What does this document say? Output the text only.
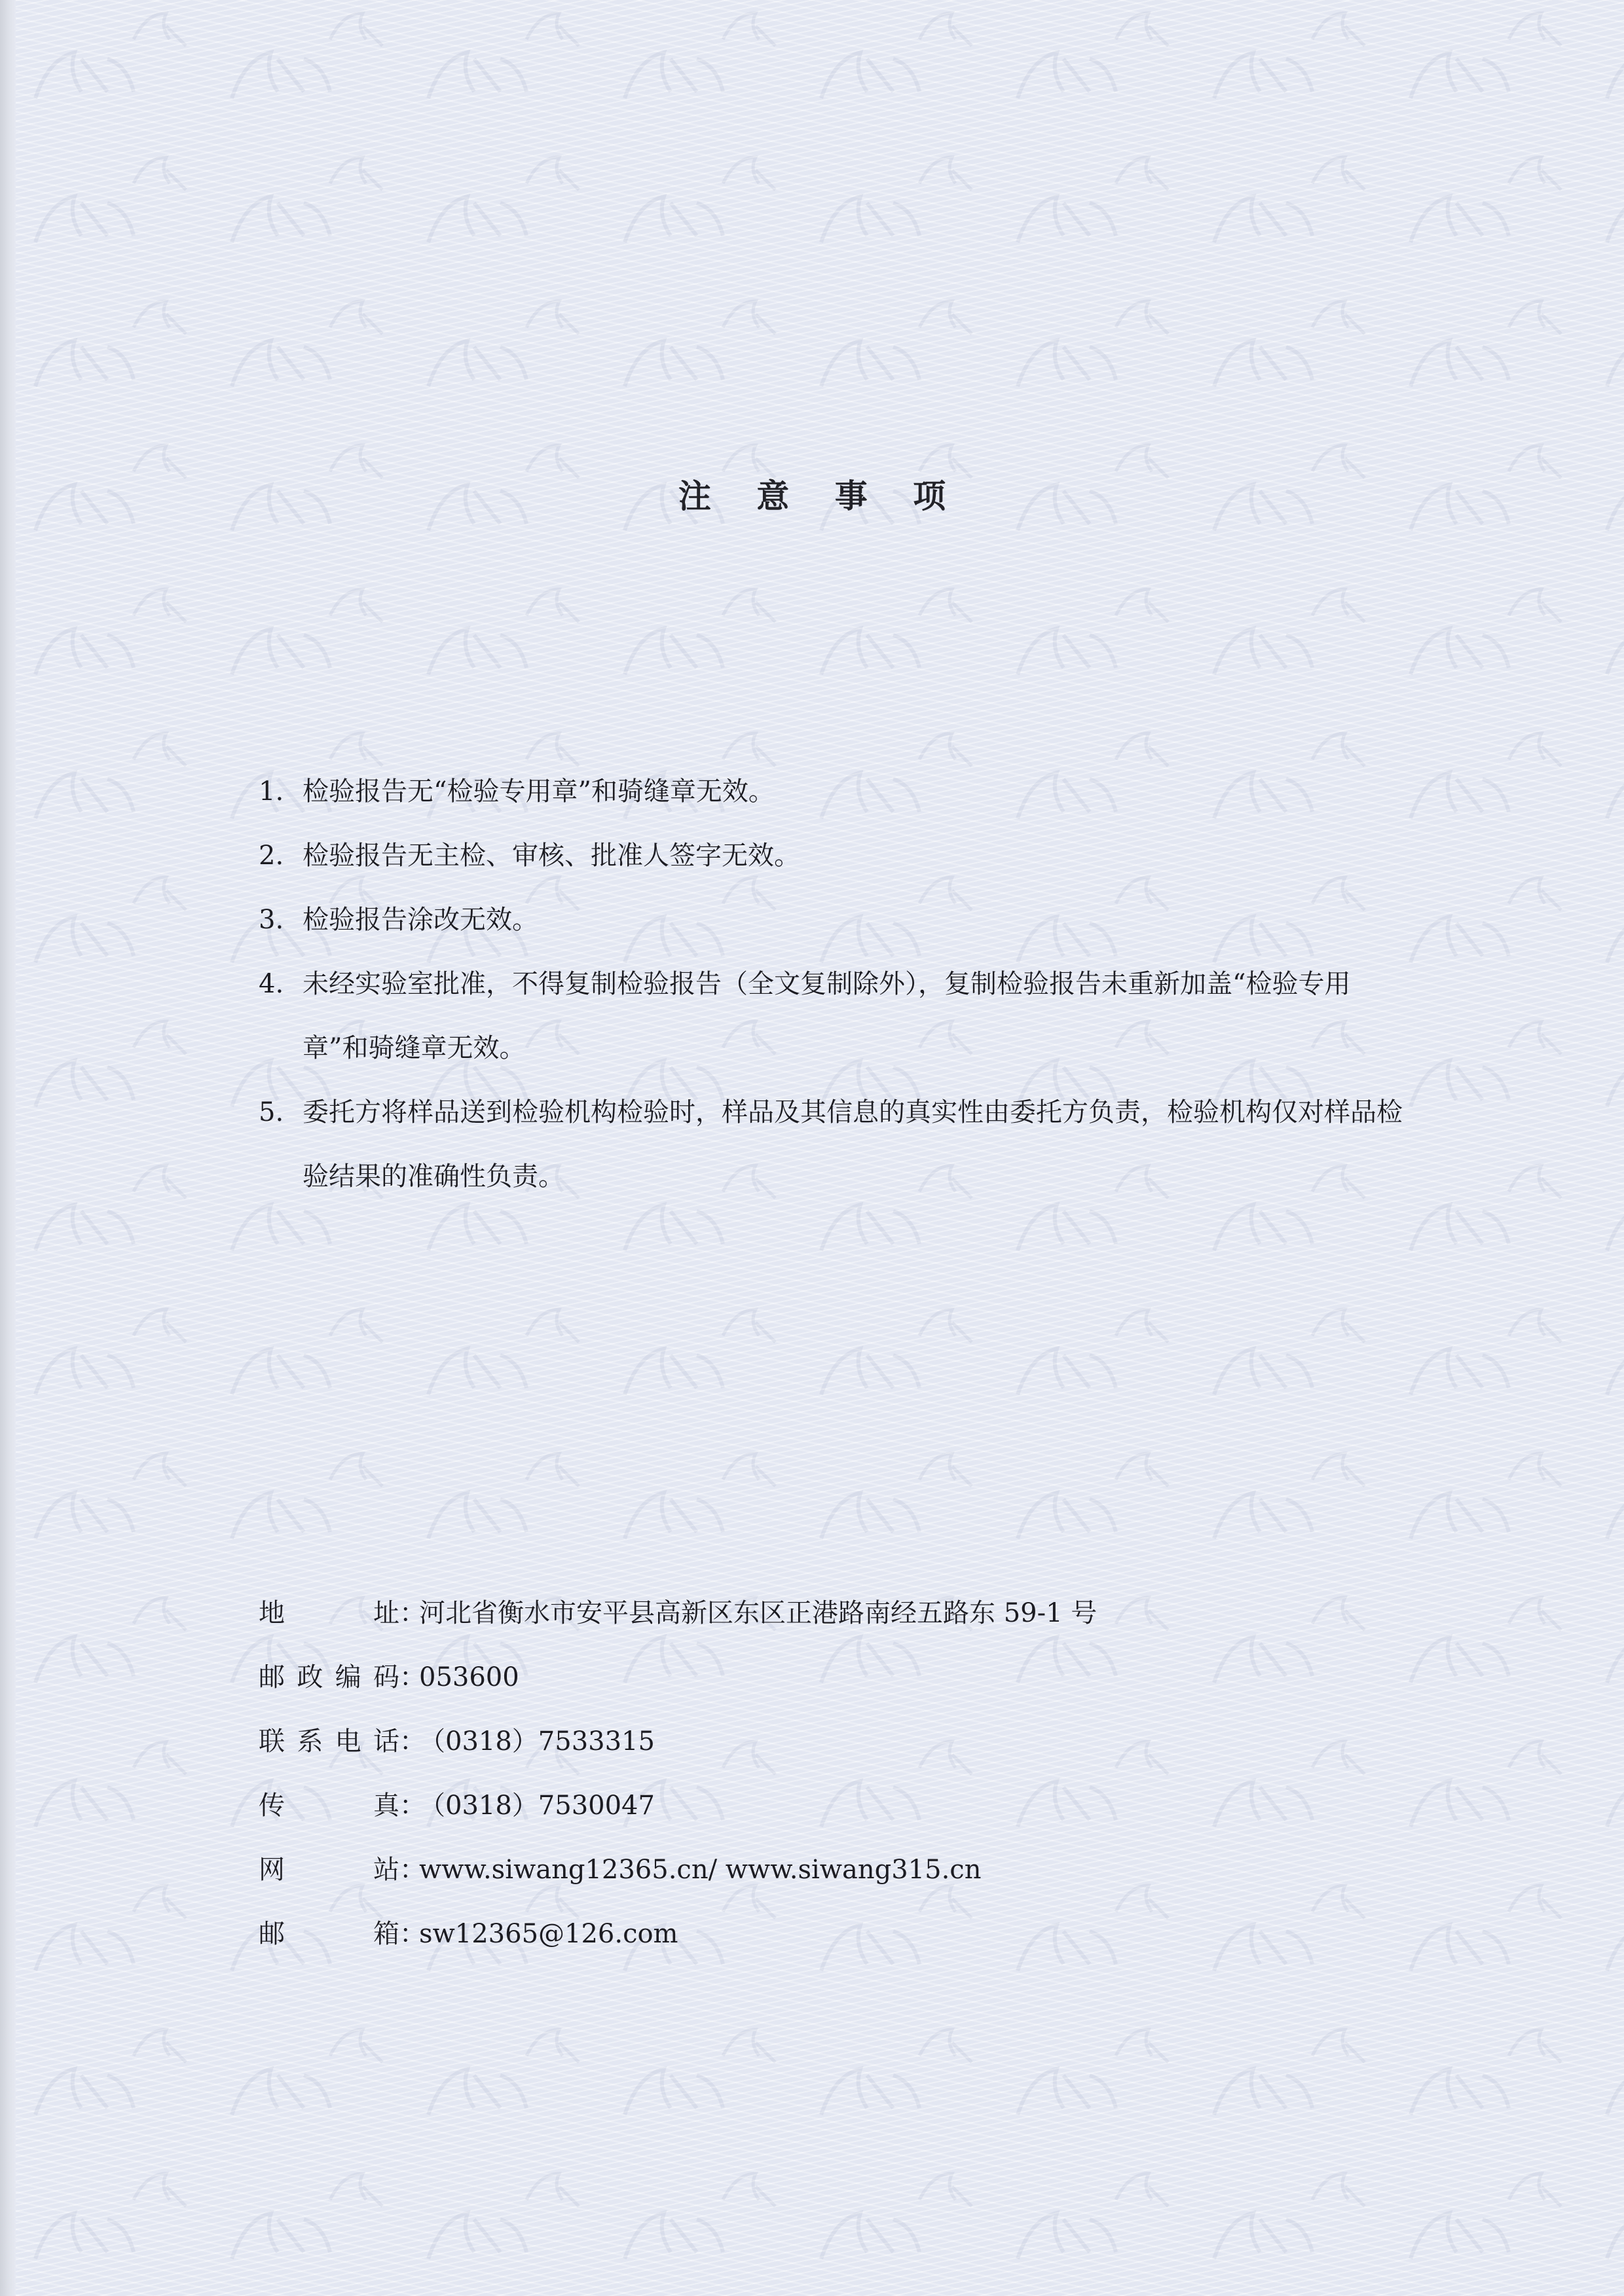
注 意 事 项
1. 检验报告无“检验专用章”和骑缝章无效。
2. 检验报告无主检、审核、批准人签字无效。
3. 检验报告涂改无效。
4. 未经实验室批准，不得复制检验报告（全文复制除外），复制检验报告未重新加盖“检验专用章”和骑缝章无效。
5. 委托方将样品送到检验机构检验时，样品及其信息的真实性由委托方负责，检验机构仅对样品检验结果的准确性负责。
地址：河北省衡水市安平县高新区东区正港路南经五路东 59-1 号
邮政编码：053600
联系电话：（0318）7533315
传真：（0318）7530047
网站：www.siwang12365.cn/ www.siwang315.cn
邮箱：sw12365@126.com
